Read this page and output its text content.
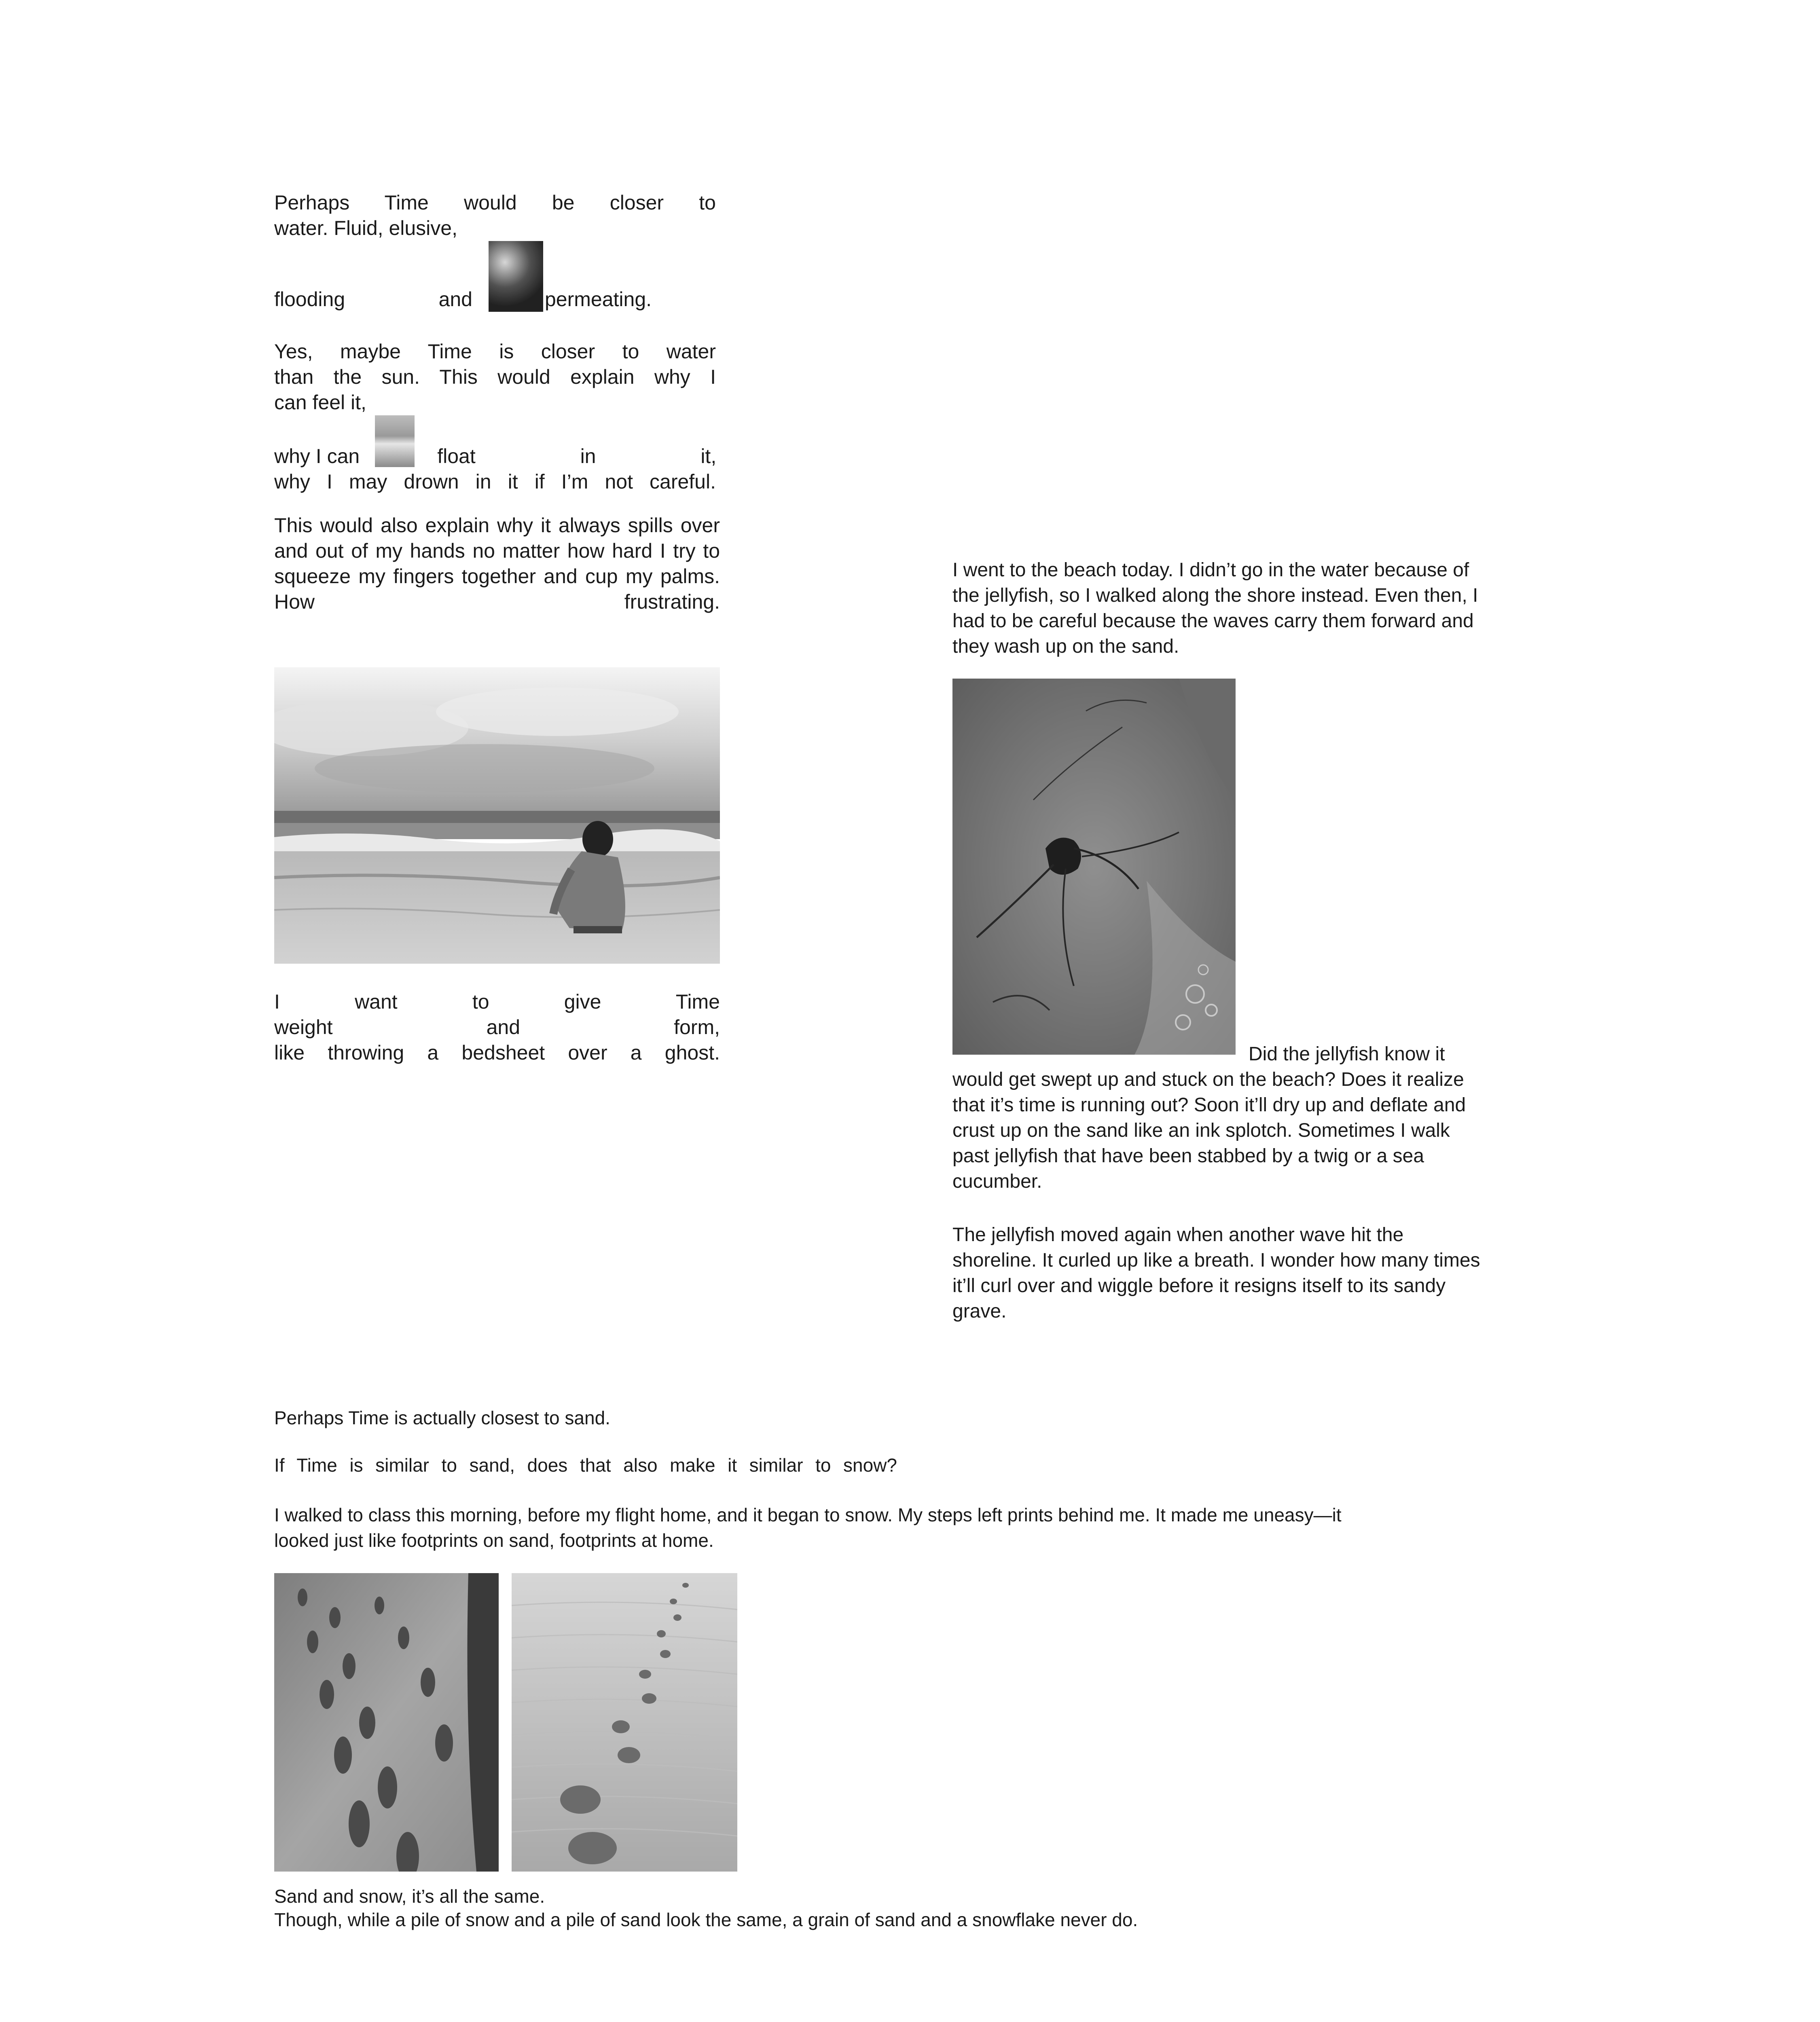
Perhaps Time would be closer to
water. Fluid, elusive,
flooding and	permeating.
Yes, maybe Time is closer to water
than the sun. This would explain why I
can feel it,
why I can	float in it,
why I may drown in it if I’m not careful.
This would also explain why it always spills over
and out of my hands no matter how hard I try to
squeeze my fingers together and cup my palms.
How frustrating.
I want to give Time
weight and form,
like throwing a bedsheet over a ghost.
I went to the beach today. I didn’t go in the water because of the jellyfish, so I walked along the shore instead. Even then, I had to be careful because the waves carry them forward and they wash up on the sand.
Did the jellyfish know it
would get swept up and stuck on the beach? Does it realize that it’s time is running out? Soon it’ll dry up and deflate and crust up on the sand like an ink splotch. Sometimes I walk past jellyfish that have been stabbed by a twig or a sea cucumber.
The jellyfish moved again when another wave hit the shoreline. It curled up like a breath. I wonder how many times it’ll curl over and wiggle before it resigns itself to its sandy grave.
Perhaps Time is actually closest to sand.
If Time is similar to sand, does that also make it similar to snow?
I walked to class this morning, before my flight home, and it began to snow. My steps left prints behind me. It made me uneasy—it
looked just like footprints on sand, footprints at home.
Sand and snow, it’s all the same.
Though, while a pile of snow and a pile of sand look the same, a grain of sand and a snowflake never do.
